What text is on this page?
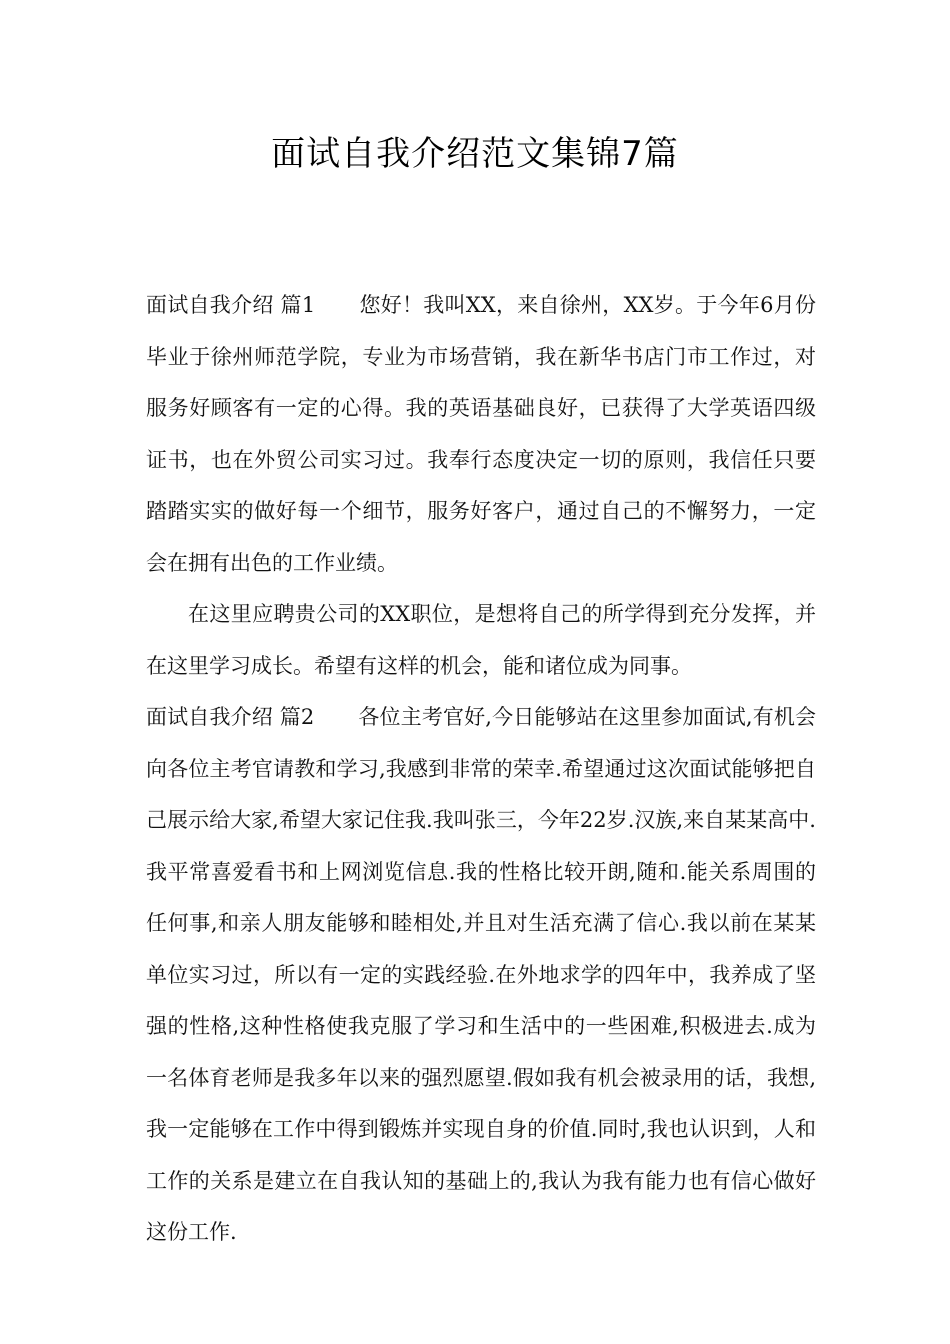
面试自我介绍范文集锦7篇

面试自我介绍 篇1 您好！我叫XX，来自徐州，XX岁。于今年6月份毕业于徐州师范学院，专业为市场营销，我在新华书店门市工作过，对服务好顾客有一定的心得。我的英语基础良好，已获得了大学英语四级证书，也在外贸公司实习过。我奉行态度决定一切的原则，我信任只要踏踏实实的做好每一个细节，服务好客户，通过自己的不懈努力，一定会在拥有出色的工作业绩。

在这里应聘贵公司的XX职位，是想将自己的所学得到充分发挥，并在这里学习成长。希望有这样的机会，能和诸位成为同事。

面试自我介绍 篇2 各位主考官好,今日能够站在这里参加面试,有机会向各位主考官请教和学习,我感到非常的荣幸.希望通过这次面试能够把自己展示给大家,希望大家记住我.我叫张三，今年22岁.汉族,来自某某高中.我平常喜爱看书和上网浏览信息.我的性格比较开朗,随和.能关系周围的任何事,和亲人朋友能够和睦相处,并且对生活充满了信心.我以前在某某单位实习过，所以有一定的实践经验.在外地求学的四年中，我养成了坚强的性格,这种性格使我克服了学习和生活中的一些困难,积极进去.成为一名体育老师是我多年以来的强烈愿望.假如我有机会被录用的话，我想,我一定能够在工作中得到锻炼并实现自身的价值.同时,我也认识到，人和工作的关系是建立在自我认知的基础上的,我认为我有能力也有信心做好这份工作.
